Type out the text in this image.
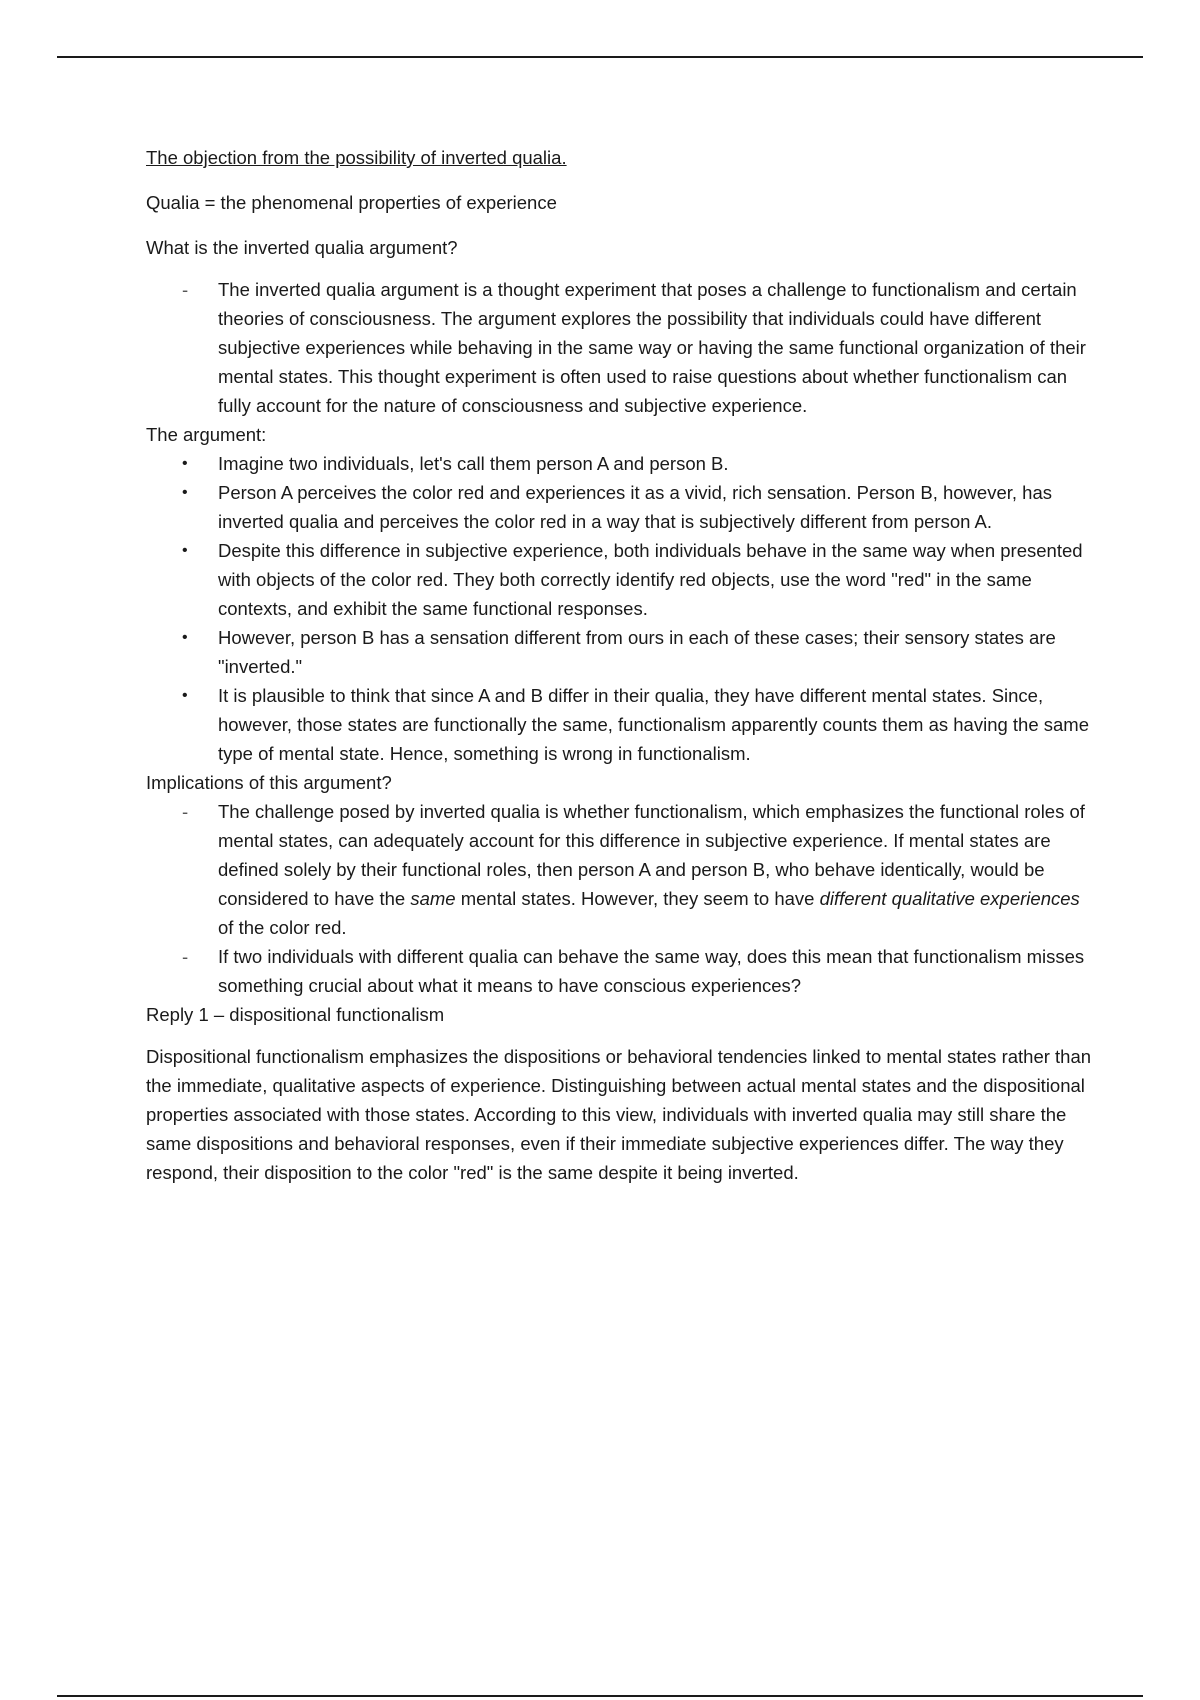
The objection from the possibility of inverted qualia.

Qualia = the phenomenal properties of experience

What is the inverted qualia argument?

-	The inverted qualia argument is a thought experiment that poses a challenge to functionalism and certain theories of consciousness. The argument explores the possibility that individuals could have different subjective experiences while behaving in the same way or having the same functional organization of their mental states. This thought experiment is often used to raise questions about whether functionalism can fully account for the nature of consciousness and subjective experience.

The argument:

•	Imagine two individuals, let's call them person A and person B.
•	Person A perceives the color red and experiences it as a vivid, rich sensation. Person B, however, has inverted qualia and perceives the color red in a way that is subjectively different from person A.
•	Despite this difference in subjective experience, both individuals behave in the same way when presented with objects of the color red. They both correctly identify red objects, use the word "red" in the same contexts, and exhibit the same functional responses.
•	However, person B has a sensation different from ours in each of these cases; their sensory states are "inverted."
•	It is plausible to think that since A and B differ in their qualia, they have different mental states. Since, however, those states are functionally the same, functionalism apparently counts them as having the same type of mental state. Hence, something is wrong in functionalism.

Implications of this argument?

-	The challenge posed by inverted qualia is whether functionalism, which emphasizes the functional roles of mental states, can adequately account for this difference in subjective experience. If mental states are defined solely by their functional roles, then person A and person B, who behave identically, would be considered to have the same mental states. However, they seem to have different qualitative experiences of the color red.
-	If two individuals with different qualia can behave the same way, does this mean that functionalism misses something crucial about what it means to have conscious experiences?

Reply 1 – dispositional functionalism

Dispositional functionalism emphasizes the dispositions or behavioral tendencies linked to mental states rather than the immediate, qualitative aspects of experience. Distinguishing between actual mental states and the dispositional properties associated with those states. According to this view, individuals with inverted qualia may still share the same dispositions and behavioral responses, even if their immediate subjective experiences differ. The way they respond, their disposition to the color "red" is the same despite it being inverted.
